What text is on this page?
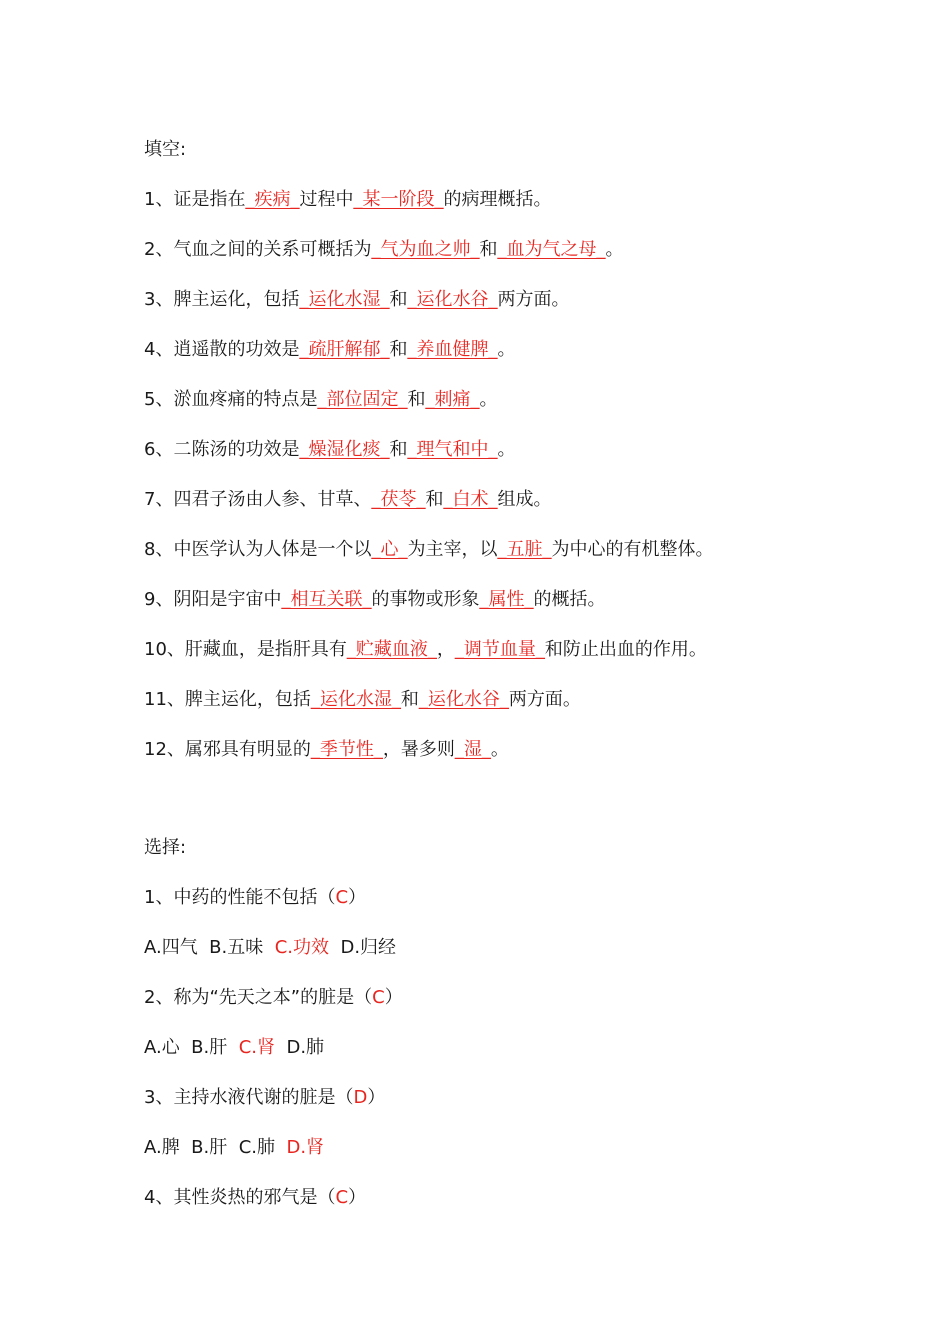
填空:
1、证是指在_疾病_过程中_某一阶段_的病理概括。
2、气血之间的关系可概括为_气为血之帅_和_血为气之母_。
3、脾主运化，包括_运化水湿_和_运化水谷_两方面。
4、逍遥散的功效是_疏肝解郁_和_养血健脾_。
5、淤血疼痛的特点是_部位固定_和_刺痛_。
6、二陈汤的功效是_燥湿化痰_和_理气和中_。
7、四君子汤由人参、甘草、_茯苓_和_白术_组成。
8、中医学认为人体是一个以_心_为主宰，以_五脏_为中心的有机整体。
9、阴阳是宇宙中_相互关联_的事物或形象_属性_的概括。
10、肝藏血，是指肝具有_贮藏血液_，_调节血量_和防止出血的作用。
11、脾主运化，包括_运化水湿_和_运化水谷_两方面。
12、属邪具有明显的_季节性_，暑多则_湿_。
选择:
1、中药的性能不包括（C）
A.四气 B.五味 C.功效 D.归经
2、称为“先天之本”的脏是（C）
A.心 B.肝 C.肾 D.肺
3、主持水液代谢的脏是（D）
A.脾 B.肝 C.肺 D.肾
4、其性炎热的邪气是（C）
